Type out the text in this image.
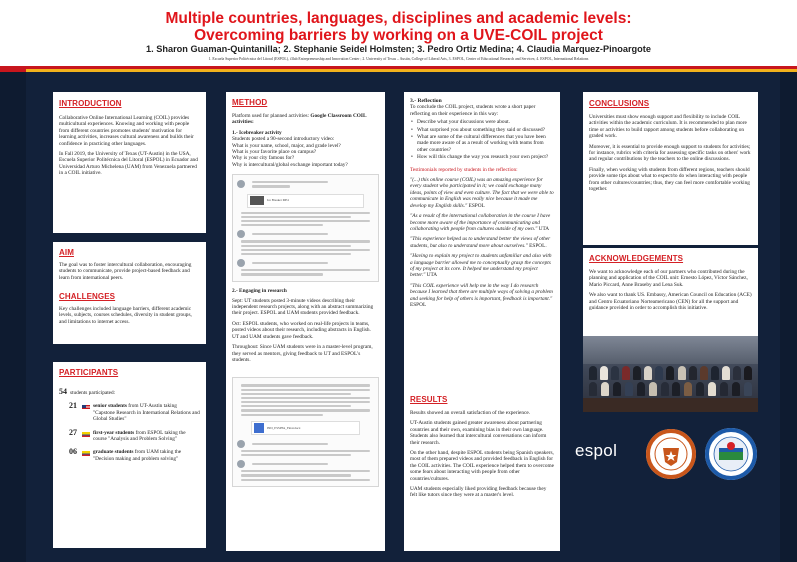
Multiple countries, languages, disciplines and academic levels:
Overcoming barriers by working on a UVE-COIL project
1. Sharon Guaman-Quintanilla; 2. Stephanie Seidel Holmsten; 3. Pedro Ortiz Medina; 4. Claudia Marquez-Pinoargote
1. Escuela Superior Politécnica del Litoral (ESPOL), i3lab Entrepreneurship and Innovation Center ; 2. University of Texas – Austin, College of Liberal Arts, 3. ESPOL, Center of Educational Research and Services; 4. ESPOL, International Relations
INTRODUCTION

Collaborative Online International Learning (COIL) provides multicultural experiences. Knowing and working with people from different countries promotes students' motivation for learning activities, increases cultural awareness and builds their confidence in practicing other languages.

In Fall 2019, the University of Texas (UT-Austin) in the USA, Escuela Superior Politécnica del Litoral (ESPOL) in Ecuador and Universidad Arturo Michelena (UAM) from Venezuela partnered in a COIL initiative.

AIM

The goal was to foster intercultural collaboration, encouraging students to communicate, provide project-based feedback and learn from international peers.

CHALLENGES

Key challenges included language barriers, different academic levels, subjects, courses schedules, diversity in student groups, and limitations to internet access.

PARTICIPANTS
54 students participated:
21	senior students from UT-Austin taking "Capstone Research in International Relations and Global Studies"
27	first-year students from ESPOL taking the course "Analysis and Problem Solving"
06	graduate students from UAM taking the "Decision making and problem solving"
METHOD

Platform used for planned activities: Google Classroom COIL activities:

1.- Icebreaker activity
Students posted a 90-second introductory video:
What is your name, school, major, and grade level?
What is your favorite place on campus?
Why is your city famous for?
Why is intercultural/global exchange important today?
Ice Breaker MP4
2.- Engaging in research

Sept: UT students posted 3-minute videos describing their independent research projects, along with an abstract summarizing their project. ESPOL and UAM students provided feedback.

Oct: ESPOL students, who worked on real-life projects in teams, posted videos about their research, including abstracts in English. UT and UAM students gave feedback.

Throughout: Since UAM students were in a master-level program, they served as mentors, giving feedback to UT and ESPOL's students.

IND_ESSPPA_Final.docx
3.- Reflection

To conclude the COIL project, students wrote a short paper reflecting on their experience in this way:

• Describe what your discussions were about.
• What surprised you about something they said or discussed?
• What are some of the cultural differences that you have been made more aware of as a result of working with teams from other countries?
• How will this change the way you research your own project?

Testimonials reported by students in the reflection:

"(...) this online course (COIL) was an amazing experience for every student who participated in it; we could exchange many ideas, points of view and even culture. The fact that we were able to communicate in English was really nice because it made me develop my English skills." ESPOL

"As a result of the international collaboration in the course I have become more aware of the importance of communicating and collaborating with people from cultures outside of my own." UTA

"This experience helped us to understand better the views of other students, but also to understand more about ourselves." ESPOL.

"Having to explain my project to students unfamiliar and also with a language barrier allowed me to conceptually grasp the concepts of my project at its core. It helped me understand my project better." UTA

"This COIL experience will help me in the way I do research because I learned that there are multiple ways of solving a problem and seeking for help of others is important, feedback is important." ESPOL

RESULTS

Results showed an overall satisfaction of the experience.

UT-Austin students gained greater awareness about partnering countries and their own, examining bias in their own language. Students also learned that intercultural conversations can inform their research.

On the other hand, despite ESPOL students being Spanish speakers, most of them prepared videos and provided feedback in English for the COIL activities. The COIL experience helped them to overcome some fears about interacting with people from other countries/cultures.

UAM students especially liked providing feedback because they felt like tutors since they were at a master's level.

CONCLUSIONS

Universities must show enough support and flexibility to include COIL activities within the academic curriculum. It is recommended to plan more time or activities to build rapport among students before collaborating on graded work.

Moreover, it is essential to provide enough support to students for activities; for instance, rubrics with criteria for assessing specific tasks on others' work and regular contributions by the teachers to the online discussions.

Finally, when working with students from different regions, teachers should provide some tips about what to expect/to do when interacting with people from other cultures/countries; thus, they can feel more comfortable working together.

ACKNOWLEDGEMENTS

We want to acknowledge each of our partners who contributed during the planning and application of the COIL unit: Ernesto López, Víctor Sánchez, Mario Piccard, Anne Braseby and Lena Suk.

We also want to thank US. Embassy, American Council on Education (ACE) and Centro Ecuatoriano Norteamericano (CEN) for all the support and guidance provided in order to accomplish this initiative.

espol
